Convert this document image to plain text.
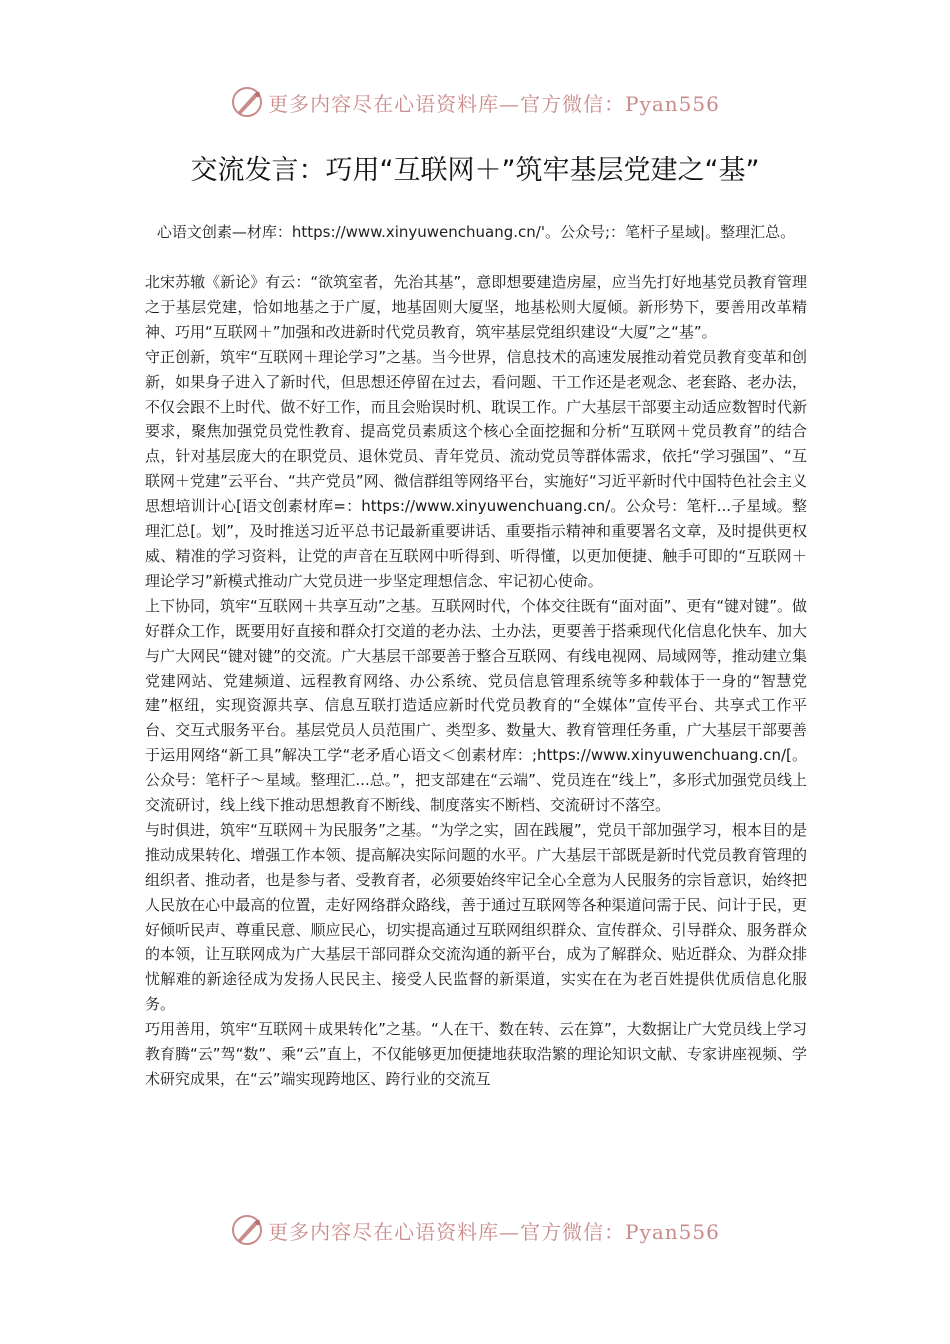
更多内容尽在心语资料库—官方微信：Pyan556
交流发言：巧用“互联网＋”筑牢基层党建之“基”
心语文创素—材库：https://www.xinyuwenchuang.cn/'。公众号;：笔杆子星域|。整理汇总。

北宋苏辙《新论》有云：“欲筑室者，先治其基”，意即想要建造房屋，应当先打好地基党员教育管理之于基层党建，恰如地基之于广厦，地基固则大厦坚，地基松则大厦倾。新形势下，要善用改革精神、巧用“互联网＋”加强和改进新时代党员教育，筑牢基层党组织建设“大厦”之“基”。

守正创新，筑牢“互联网＋理论学习”之基。当今世界，信息技术的高速发展推动着党员教育变革和创新，如果身子进入了新时代，但思想还停留在过去，看问题、干工作还是老观念、老套路、老办法，不仅会跟不上时代、做不好工作，而且会贻误时机、耽误工作。广大基层干部要主动适应数智时代新要求，聚焦加强党员党性教育、提高党员素质这个核心全面挖掘和分析“互联网＋党员教育”的结合点，针对基层庞大的在职党员、退休党员、青年党员、流动党员等群体需求，依托“学习强国”、“互联网＋党建”云平台、“共产党员”网、微信群组等网络平台，实施好“习近平新时代中国特色社会主义思想培训计心[语文创素材库=：https://www.xinyuwenchuang.cn/。公众号：笔杆...子星域。整理汇总[。划”，及时推送习近平总书记最新重要讲话、重要指示精神和重要署名文章，及时提供更权威、精准的学习资料，让党的声音在互联网中听得到、听得懂，以更加便捷、触手可即的“互联网＋理论学习”新模式推动广大党员进一步坚定理想信念、牢记初心使命。

上下协同，筑牢“互联网＋共享互动”之基。互联网时代，个体交往既有“面对面”、更有“键对键”。做好群众工作，既要用好直接和群众打交道的老办法、土办法，更要善于搭乘现代化信息化快车、加大与广大网民“键对键”的交流。广大基层干部要善于整合互联网、有线电视网、局域网等，推动建立集党建网站、党建频道、远程教育网络、办公系统、党员信息管理系统等多种载体于一身的“智慧党建”枢纽，实现资源共享、信息互联打造适应新时代党员教育的“全媒体”宣传平台、共享式工作平台、交互式服务平台。基层党员人员范围广、类型多、数量大、教育管理任务重，广大基层干部要善于运用网络“新工具”解决工学“老矛盾心语文＜创素材库：;https://www.xinyuwenchuang.cn/[。公众号：笔杆子～星域。整理汇...总。”，把支部建在“云端”、党员连在“线上”，多形式加强党员线上交流研讨，线上线下推动思想教育不断线、制度落实不断档、交流研讨不落空。

与时俱进，筑牢“互联网＋为民服务”之基。“为学之实，固在践履”，党员干部加强学习，根本目的是推动成果转化、增强工作本领、提高解决实际问题的水平。广大基层干部既是新时代党员教育管理的组织者、推动者，也是参与者、受教育者，必须要始终牢记全心全意为人民服务的宗旨意识，始终把人民放在心中最高的位置，走好网络群众路线，善于通过互联网等各种渠道问需于民、问计于民，更好倾听民声、尊重民意、顺应民心，切实提高通过互联网组织群众、宣传群众、引导群众、服务群众的本领，让互联网成为广大基层干部同群众交流沟通的新平台，成为了解群众、贴近群众、为群众排忧解难的新途径成为发扬人民民主、接受人民监督的新渠道，实实在在为老百姓提供优质信息化服务。

巧用善用，筑牢“互联网＋成果转化”之基。“人在干、数在转、云在算”，大数据让广大党员线上学习教育腾“云”驾“数”、乘“云”直上，不仅能够更加便捷地获取浩繁的理论知识文献、专家讲座视频、学术研究成果，在“云”端实现跨地区、跨行业的交流互

更多内容尽在心语资料库—官方微信：Pyan556
